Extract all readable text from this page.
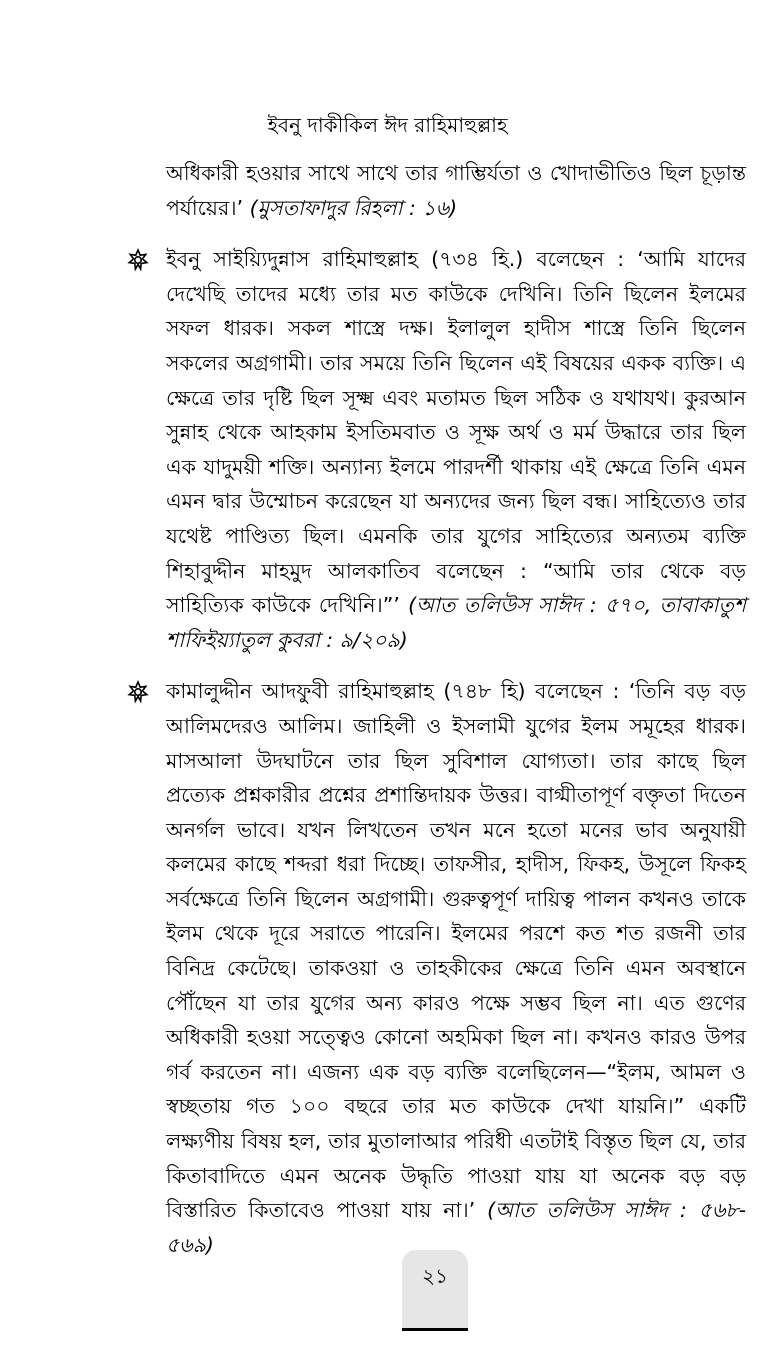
ইবনু দাকীকিল ঈদ রাহিমাহুল্লাহ

অধিকারী হওয়ার সাথে সাথে তার গাম্ভির্যতা ও খোদাভীতিও ছিল চূড়ান্ত পর্যায়ের।’ (মুসতাফাদুর রিহলা : ১৬)

ইবনু সাইয়্যিদুন্নাস রাহিমাহুল্লাহ (৭৩৪ হি.) বলেছেন : ‘আমি যাদের দেখেছি তাদের মধ্যে তার মত কাউকে দেখিনি। তিনি ছিলেন ইলমের সফল ধারক। সকল শাস্ত্রে দক্ষ। ইলালুল হাদীস শাস্ত্রে তিনি ছিলেন সকলের অগ্রগামী। তার সময়ে তিনি ছিলেন এই বিষয়ের একক ব্যক্তি। এ ক্ষেত্রে তার দৃষ্টি ছিল সূক্ষ্ম এবং মতামত ছিল সঠিক ও যথাযথ। কুরআন সুন্নাহ থেকে আহকাম ইসতিমবাত ও সূক্ষ অর্থ ও মর্ম উদ্ধারে তার ছিল এক যাদুময়ী শক্তি। অন্যান্য ইলমে পারদর্শী থাকায় এই ক্ষেত্রে তিনি এমন এমন দ্বার উম্মোচন করেছেন যা অন্যদের জন্য ছিল বন্ধ। সাহিত্যেও তার যথেষ্ট পাণ্ডিত্য ছিল। এমনকি তার যুগের সাহিত্যের অন্যতম ব্যক্তি শিহাবুদ্দীন মাহমুদ আলকাতিব বলেছেন : “আমি তার থেকে বড় সাহিত্যিক কাউকে দেখিনি।”’ (আত তলিউস সাঈদ : ৫৭০, তাবাকাতুশ শাফিইয়্যাতুল কুবরা : ৯/২০৯)

কামালুদ্দীন আদফুবী রাহিমাহুল্লাহ (৭৪৮ হি) বলেছেন : ‘তিনি বড় বড় আলিমদেরও আলিম। জাহিলী ও ইসলামী যুগের ইলম সমূহের ধারক। মাসআলা উদঘাটনে তার ছিল সুবিশাল যোগ্যতা। তার কাছে ছিল প্রত্যেক প্রশ্নকারীর প্রশ্নের প্রশান্তিদায়ক উত্তর। বাগ্মীতাপূর্ণ বক্তৃতা দিতেন অনর্গল ভাবে। যখন লিখতেন তখন মনে হতো মনের ভাব অনুযায়ী কলমের কাছে শব্দরা ধরা দিচ্ছে। তাফসীর, হাদীস, ফিকহ, উসূলে ফিকহ সর্বক্ষেত্রে তিনি ছিলেন অগ্রগামী। গুরুত্বপূর্ণ দায়িত্ব পালন কখনও তাকে ইলম থেকে দূরে সরাতে পারেনি। ইলমের পরশে কত শত রজনী তার বিনিদ্র কেটেছে। তাকওয়া ও তাহকীকের ক্ষেত্রে তিনি এমন অবস্থানে পৌঁছেন যা তার যুগের অন্য কারও পক্ষে সম্ভব ছিল না। এত গুণের অধিকারী হওয়া সত্ত্বেও কোনো অহমিকা ছিল না। কখনও কারও উপর গর্ব করতেন না। এজন্য এক বড় ব্যক্তি বলেছিলেন—“ইলম, আমল ও স্বচ্ছতায় গত ১০০ বছরে তার মত কাউকে দেখা যায়নি।” একটি লক্ষ্যণীয় বিষয় হল, তার মুতালাআর পরিধী এতটাই বিস্তৃত ছিল যে, তার কিতাবাদিতে এমন অনেক উদ্ধৃতি পাওয়া যায় যা অনেক বড় বড় বিস্তারিত কিতাবেও পাওয়া যায় না।’ (আত তলিউস সাঈদ : ৫৬৮- ৫৬৯)

২১
